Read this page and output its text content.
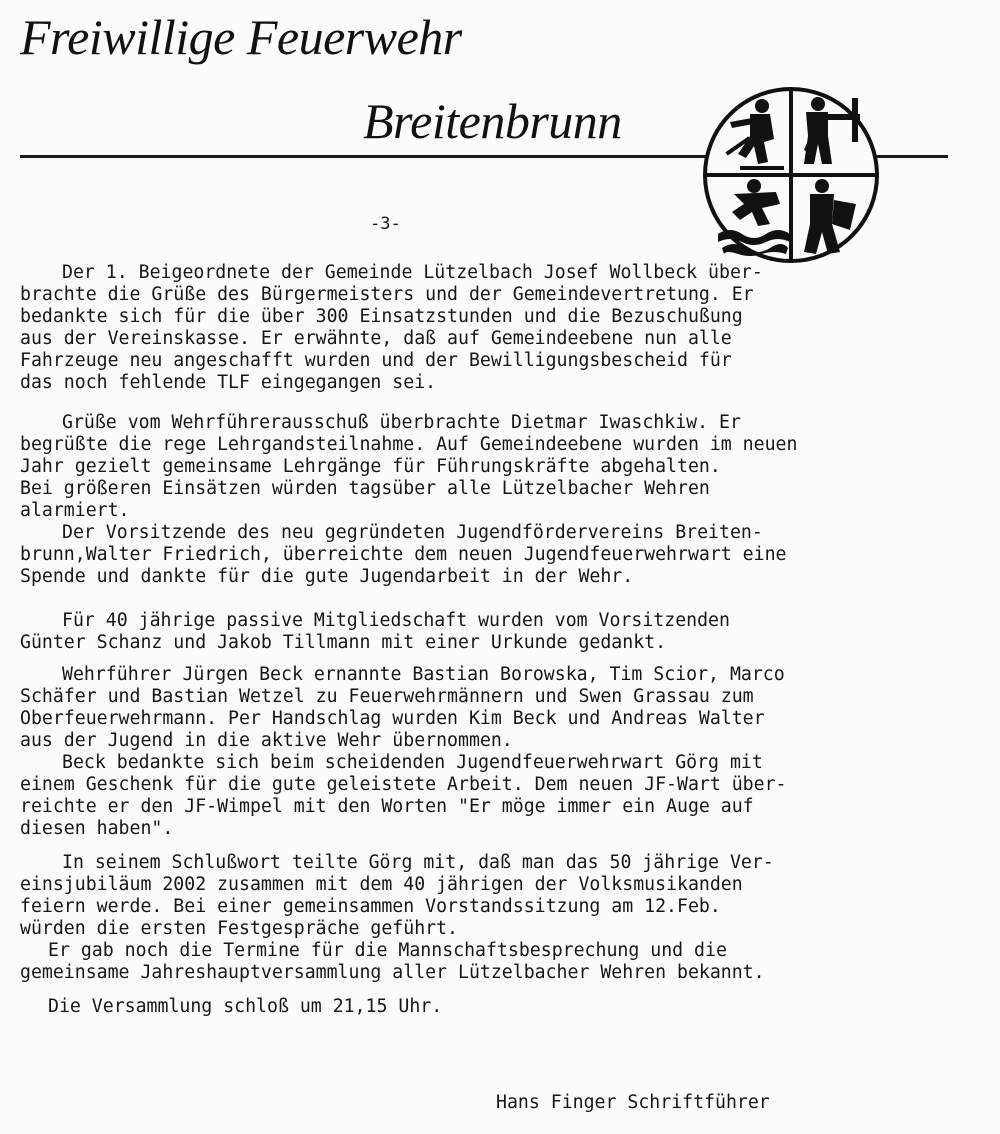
Freiwillige Feuerwehr
Breitenbrunn
-3-
Der 1. Beigeordnete der Gemeinde Lützelbach Josef Wollbeck über-
brachte die Grüße des Bürgermeisters und der Gemeindevertretung. Er
bedankte sich für die über 300 Einsatzstunden und die Bezuschußung
aus der Vereinskasse. Er erwähnte, daß auf Gemeindeebene nun alle
Fahrzeuge neu angeschafft wurden und der Bewilligungsbescheid für
das noch fehlende TLF eingegangen sei.
Grüße vom Wehrführerausschuß überbrachte Dietmar Iwaschkiw. Er
begrüßte die rege Lehrgandsteilnahme. Auf Gemeindeebene wurden im neuen
Jahr gezielt gemeinsame Lehrgänge für Führungskräfte abgehalten.
Bei größeren Einsätzen würden tagsüber alle Lützelbacher Wehren
alarmiert.
Der Vorsitzende des neu gegründeten Jugendfördervereins Breiten-
brunn,Walter Friedrich, überreichte dem neuen Jugendfeuerwehrwart eine
Spende und dankte für die gute Jugendarbeit in der Wehr.
Für 40 jährige passive Mitgliedschaft wurden vom Vorsitzenden
Günter Schanz und Jakob Tillmann mit einer Urkunde gedankt.
Wehrführer Jürgen Beck ernannte Bastian Borowska, Tim Scior, Marco
Schäfer und Bastian Wetzel zu Feuerwehrmännern und Swen Grassau zum
Oberfeuerwehrmann. Per Handschlag wurden Kim Beck und Andreas Walter
aus der Jugend in die aktive Wehr übernommen.
Beck bedankte sich beim scheidenden Jugendfeuerwehrwart Görg mit
einem Geschenk für die gute geleistete Arbeit. Dem neuen JF-Wart über-
reichte er den JF-Wimpel mit den Worten "Er möge immer ein Auge auf
diesen haben".
In seinem Schlußwort teilte Görg mit, daß man das 50 jährige Ver-
einsjubiläum 2002 zusammen mit dem 40 jährigen der Volksmusikanden
feiern werde. Bei einer gemeinsammen Vorstandssitzung am 12.Feb.
würden die ersten Festgespräche geführt.
Er gab noch die Termine für die Mannschaftsbesprechung und die
gemeinsame Jahreshauptversammlung aller Lützelbacher Wehren bekannt.
Die Versammlung schloß um 21,15 Uhr.
Hans Finger Schriftführer
